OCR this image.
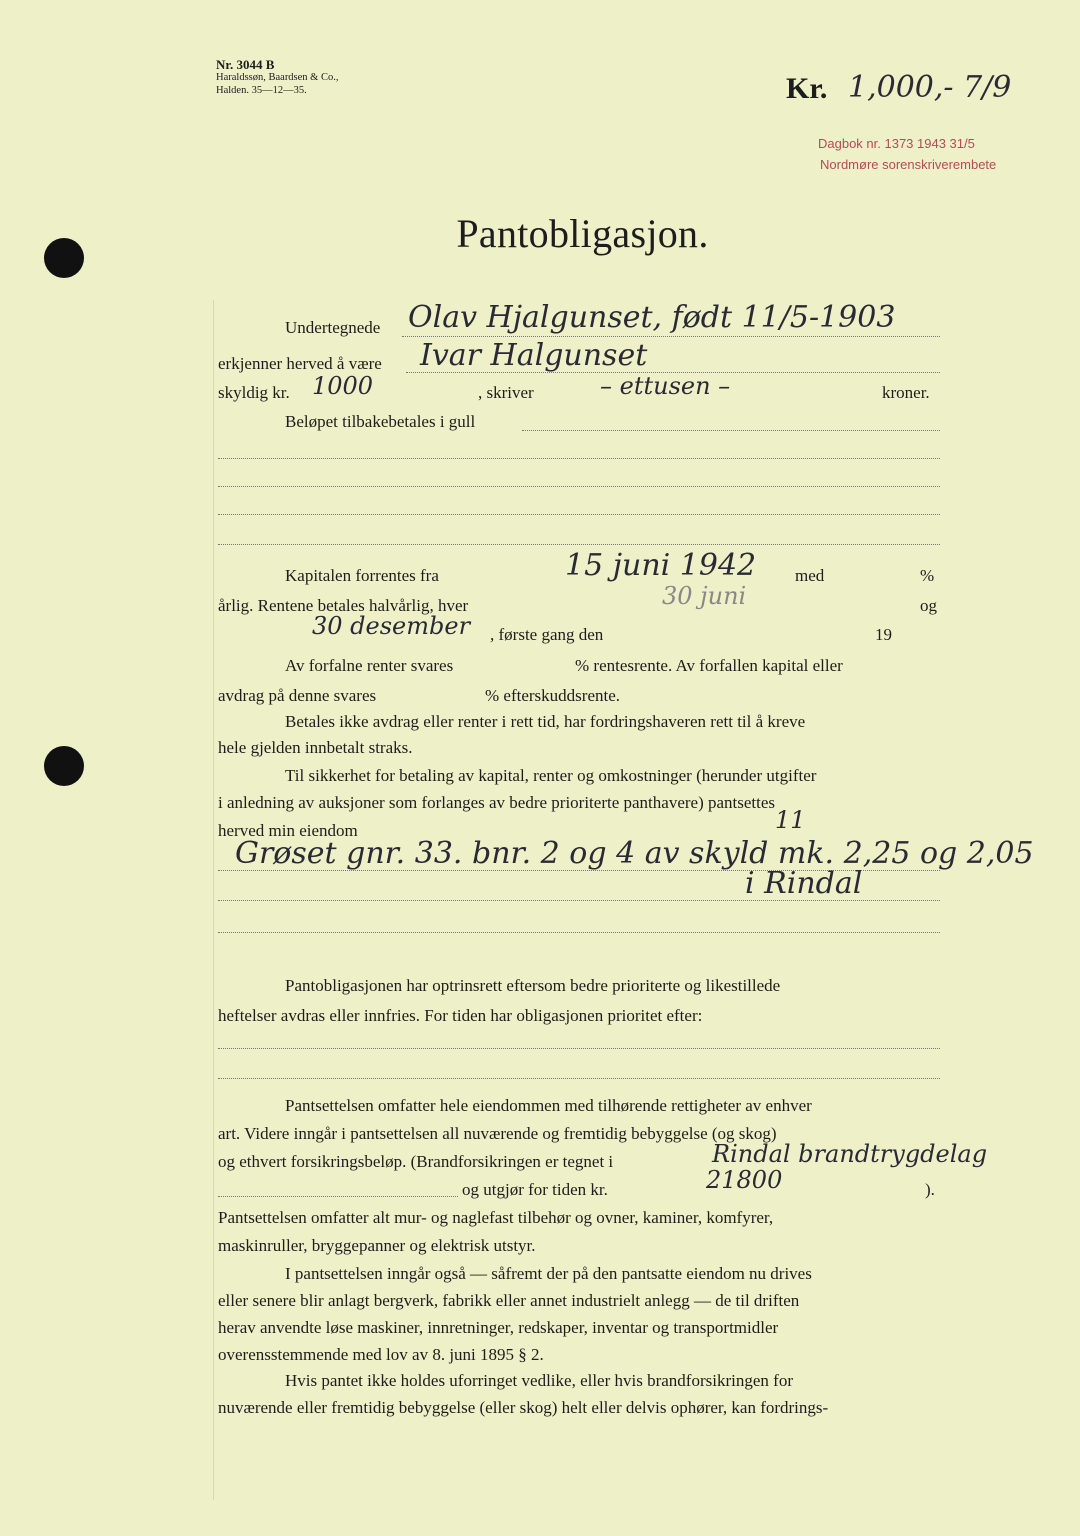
Nr. 3044 B
Haraldssøn, Baardsen & Co.,
Halden. 35—12—35.	Kr. 1,000,- 7/9
Dagbok nr. 1373 1943 31/5
Nordmøre sorenskriverembete
Pantobligasjon.
Undertegnede Olav Hjalgunset, født 11/5-1903
erkjenner herved å være Ivar Halgunset
skyldig kr. 1000	, skriver	– ettusen –	kroner.
Beløpet tilbakebetales i gull
Kapitalen forrentes fra	15 juni 1942 med	%
årlig. Rentene betales halvårlig, hver	30 juni	og
30 desember , første gang den	19
Av forfalne renter svares	% rentesrente. Av forfallen kapital eller
avdrag på denne svares	% efterskuddsrente.
Betales ikke avdrag eller renter i rett tid, har fordringshaveren rett til å kreve
hele gjelden innbetalt straks.
Til sikkerhet for betaling av kapital, renter og omkostninger (herunder utgifter
i anledning av auksjoner som forlanges av bedre prioriterte panthavere) pantsettes
herved min eiendom	11
Grøset gnr. 33. bnr. 2 og 4 av skyld mk. 2,25 og 2,05
i Rindal
Pantobligasjonen har optrinsrett eftersom bedre prioriterte og likestillede
heftelser avdras eller innfries. For tiden har obligasjonen prioritet efter:
Pantsettelsen omfatter hele eiendommen med tilhørende rettigheter av enhver
art. Videre inngår i pantsettelsen all nuværende og fremtidig bebyggelse (og skog)
og ethvert forsikringsbeløp. (Brandforsikringen er tegnet i	Rindal brandtrygdelag
og utgjør for tiden kr.	21800	).
Pantsettelsen omfatter alt mur- og naglefast tilbehør og ovner, kaminer, komfyrer,
maskinruller, bryggepanner og elektrisk utstyr.
I pantsettelsen inngår også — såfremt der på den pantsatte eiendom nu drives
eller senere blir anlagt bergverk, fabrikk eller annet industrielt anlegg — de til driften
herav anvendte løse maskiner, innretninger, redskaper, inventar og transportmidler
overensstemmende med lov av 8. juni 1895 § 2.
Hvis pantet ikke holdes uforringet vedlike, eller hvis brandforsikringen for
nuværende eller fremtidig bebyggelse (eller skog) helt eller delvis ophører, kan fordrings-
